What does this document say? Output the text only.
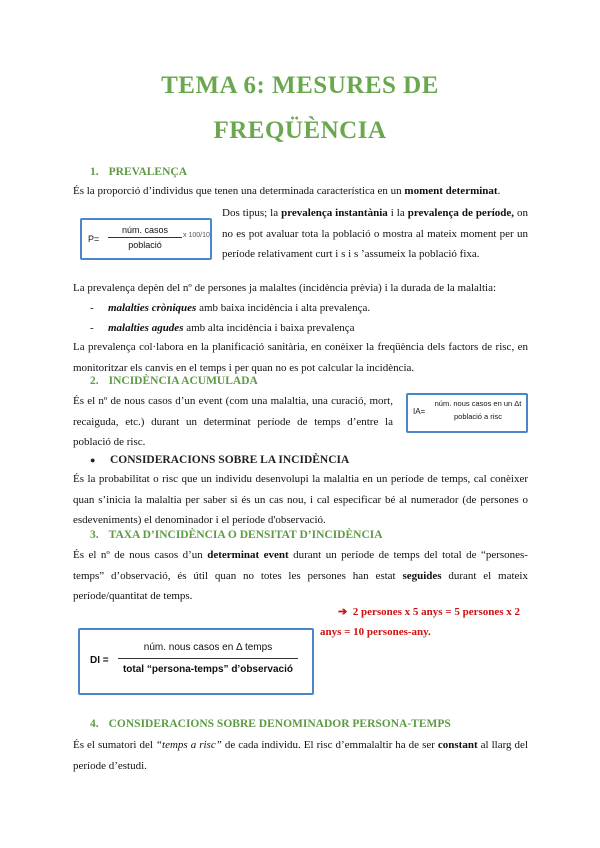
TEMA 6: MESURES DE
FREQÜÈNCIA
1. PREVALENÇA
És la proporció d’individus que tenen una determinada característica en un moment determinat.
P=
núm. casos
població
x 100/10
Dos tipus; la prevalença instantània i la prevalença de període, on no es pot avaluar tota la població o mostra al mateix moment per un període relativament curt i s i s ’assumeix la població fixa.
La prevalença depèn del nº de persones ja malaltes (incidència prèvia) i la durada de la malaltia:
- malalties cròniques amb baixa incidència i alta prevalença.
- malalties agudes amb alta incidència i baixa prevalença
La prevalença col·labora en la planificació sanitària, en conèixer la freqüència dels factors de risc, en monitoritzar els canvis en el temps i per quan no es pot calcular la incidència.
2. INCIDÈNCIA ACUMULADA
És el nº de nous casos d’un event (com una malaltia, una curació, mort, recaiguda, etc.) durant un determinat període de temps d’entre la població de risc.
IA=
núm. nous casos en un Δt
població a risc
● CONSIDERACIONS SOBRE LA INCIDÈNCIA
És la probabilitat o risc que un individu desenvolupi la malaltia en un període de temps, cal conèixer quan s’inicia la malaltia per saber si és un cas nou, i cal especificar bé al numerador (de persones o esdeveniments) el denominador i el període d'observació.
3. TAXA D’INCIDÈNCIA O DENSITAT D’INCIDÈNCIA
És el nº de nous casos d’un determinat event durant un període de temps del total de “persones-temps” d’observació, és útil quan no totes les persones han estat seguides durant el mateix període/quantitat de temps.
➔ 2 persones x 5 anys = 5 persones x 2
anys = 10 persones-any.
DI =
núm. nous casos en Δ temps
total “persona-temps” d’observació
4. CONSIDERACIONS SOBRE DENOMINADOR PERSONA-TEMPS
És el sumatori del “temps a risc” de cada individu. El risc d’emmalaltir ha de ser constant al llarg del període d’estudi.
